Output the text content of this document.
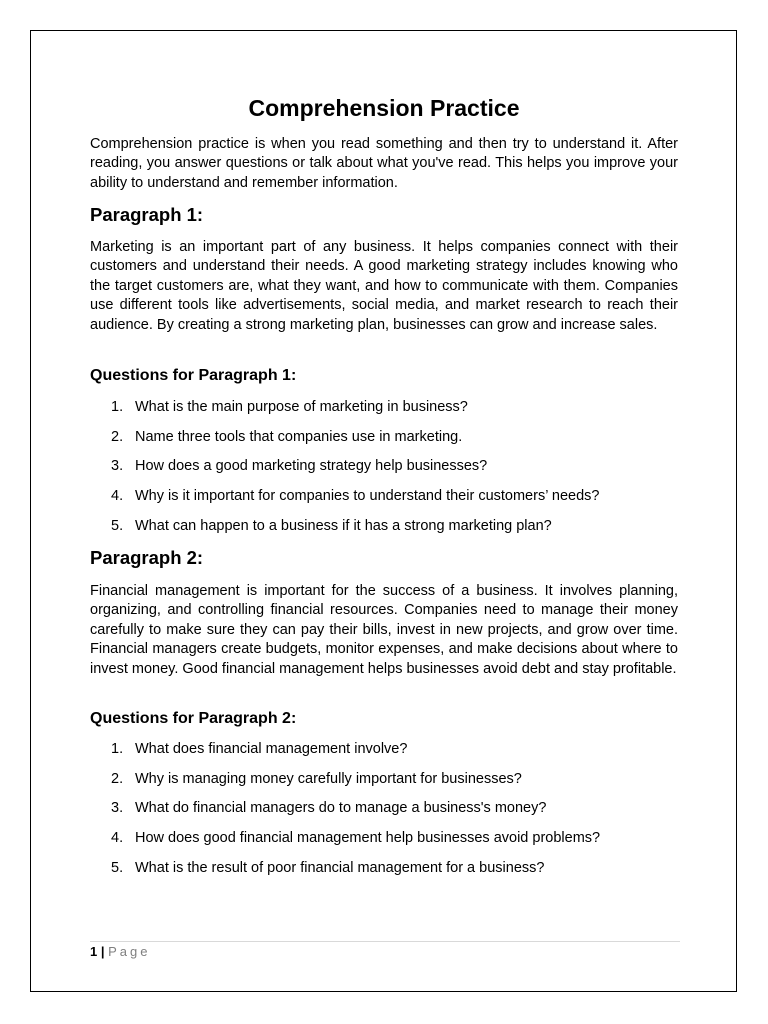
Comprehension Practice

Comprehension practice is when you read something and then try to understand it. After reading, you answer questions or talk about what you've read. This helps you improve your ability to understand and remember information.

Paragraph 1:

Marketing is an important part of any business. It helps companies connect with their customers and understand their needs. A good marketing strategy includes knowing who the target customers are, what they want, and how to communicate with them. Companies use different tools like advertisements, social media, and market research to reach their audience. By creating a strong marketing plan, businesses can grow and increase sales.

Questions for Paragraph 1:
1. What is the main purpose of marketing in business?
2. Name three tools that companies use in marketing.
3. How does a good marketing strategy help businesses?
4. Why is it important for companies to understand their customers’ needs?
5. What can happen to a business if it has a strong marketing plan?
Paragraph 2:

Financial management is important for the success of a business. It involves planning, organizing, and controlling financial resources. Companies need to manage their money carefully to make sure they can pay their bills, invest in new projects, and grow over time. Financial managers create budgets, monitor expenses, and make decisions about where to invest money. Good financial management helps businesses avoid debt and stay profitable.

Questions for Paragraph 2:
1. What does financial management involve?
2. Why is managing money carefully important for businesses?
3. What do financial managers do to manage a business's money?
4. How does good financial management help businesses avoid problems?
5. What is the result of poor financial management for a business?
1 | Page
